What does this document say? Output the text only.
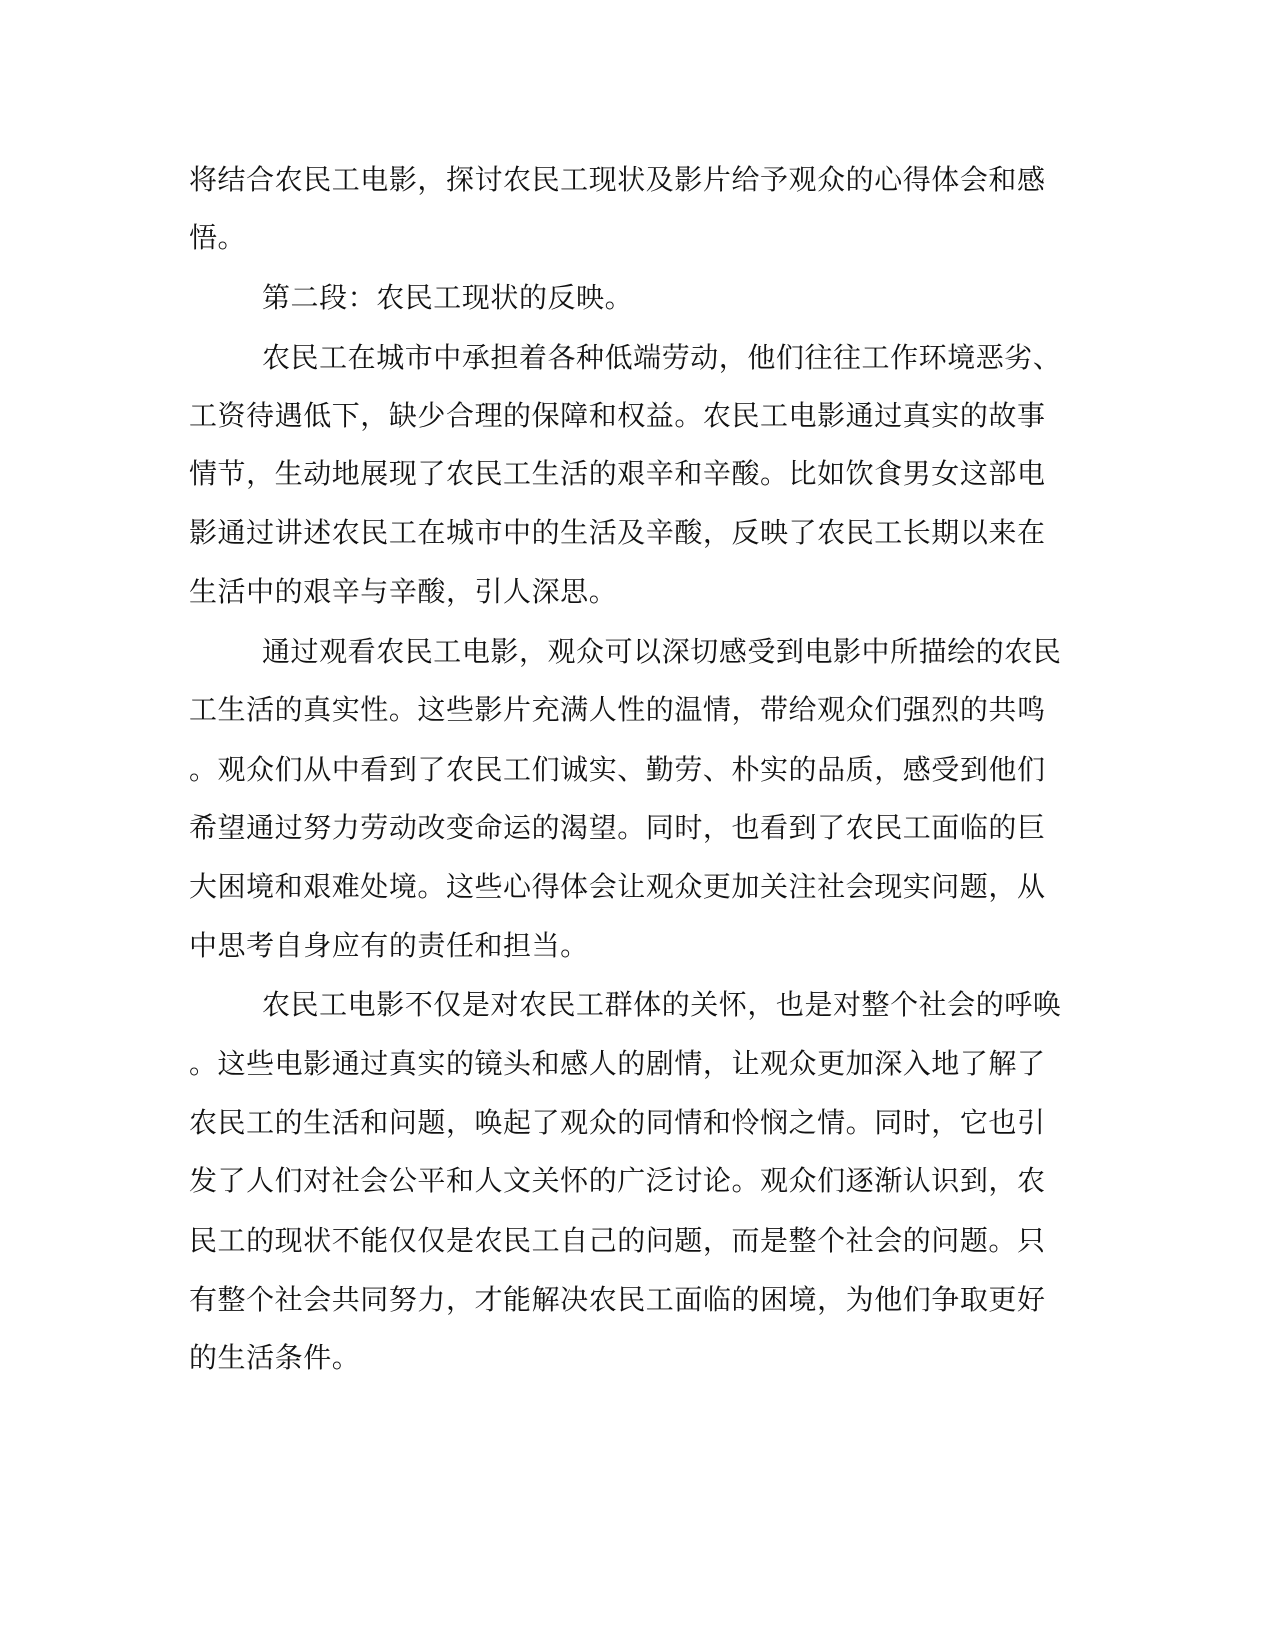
将结合农民工电影，探讨农民工现状及影片给予观众的心得体会和感

悟。

第二段：农民工现状的反映。

农民工在城市中承担着各种低端劳动，他们往往工作环境恶劣、

工资待遇低下，缺少合理的保障和权益。农民工电影通过真实的故事

情节，生动地展现了农民工生活的艰辛和辛酸。比如饮食男女这部电

影通过讲述农民工在城市中的生活及辛酸，反映了农民工长期以来在

生活中的艰辛与辛酸，引人深思。

通过观看农民工电影，观众可以深切感受到电影中所描绘的农民

工生活的真实性。这些影片充满人性的温情，带给观众们强烈的共鸣

。观众们从中看到了农民工们诚实、勤劳、朴实的品质，感受到他们

希望通过努力劳动改变命运的渴望。同时，也看到了农民工面临的巨

大困境和艰难处境。这些心得体会让观众更加关注社会现实问题，从

中思考自身应有的责任和担当。

农民工电影不仅是对农民工群体的关怀，也是对整个社会的呼唤

。这些电影通过真实的镜头和感人的剧情，让观众更加深入地了解了

农民工的生活和问题，唤起了观众的同情和怜悯之情。同时，它也引

发了人们对社会公平和人文关怀的广泛讨论。观众们逐渐认识到，农

民工的现状不能仅仅是农民工自己的问题，而是整个社会的问题。只

有整个社会共同努力，才能解决农民工面临的困境，为他们争取更好

的生活条件。
